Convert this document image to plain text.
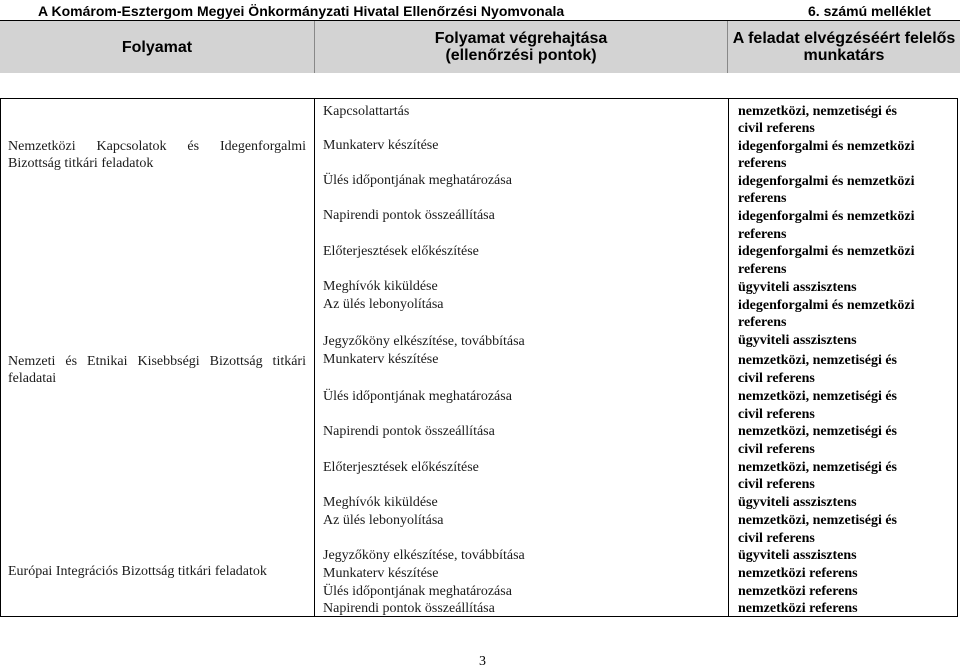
A Komárom-Esztergom Megyei Önkormányzati Hivatal Ellenőrzési Nyomvonala	6. számú melléklet
Folyamat	Folyamat végrehajtása
(ellenőrzési pontok)
A feladat elvégzéséért felelős
munkatárs
Nemzetközi Kapcsolatok és Idegenforgalmi Bizottság titkári feladatok
Nemzeti és Etnikai Kisebbségi Bizottság titkári feladatai
Európai Integrációs Bizottság titkári feladatok
Kapcsolattartás
Munkaterv készítése
Ülés időpontjának meghatározása
Napirendi pontok összeállítása
Előterjesztések előkészítése
Meghívók kiküldése
Az ülés lebonyolítása
Jegyzőköny elkészítése, továbbítása
Munkaterv készítése
Ülés időpontjának meghatározása
Napirendi pontok összeállítása
Előterjesztések előkészítése
Meghívók kiküldése
Az ülés lebonyolítása
Jegyzőköny elkészítése, továbbítása
Munkaterv készítése
Ülés időpontjának meghatározása
Napirendi pontok összeállítása
nemzetközi, nemzetiségi és
civil referens
idegenforgalmi és nemzetközi
referens
idegenforgalmi és nemzetközi
referens
idegenforgalmi és nemzetközi
referens
idegenforgalmi és nemzetközi
referens
ügyviteli asszisztens
idegenforgalmi és nemzetközi
referens
ügyviteli asszisztens
nemzetközi, nemzetiségi és
civil referens
nemzetközi, nemzetiségi és
civil referens
nemzetközi, nemzetiségi és
civil referens
nemzetközi, nemzetiségi és
civil referens
ügyviteli asszisztens
nemzetközi, nemzetiségi és
civil referens
ügyviteli asszisztens
nemzetközi referens
nemzetközi referens
nemzetközi referens
3
